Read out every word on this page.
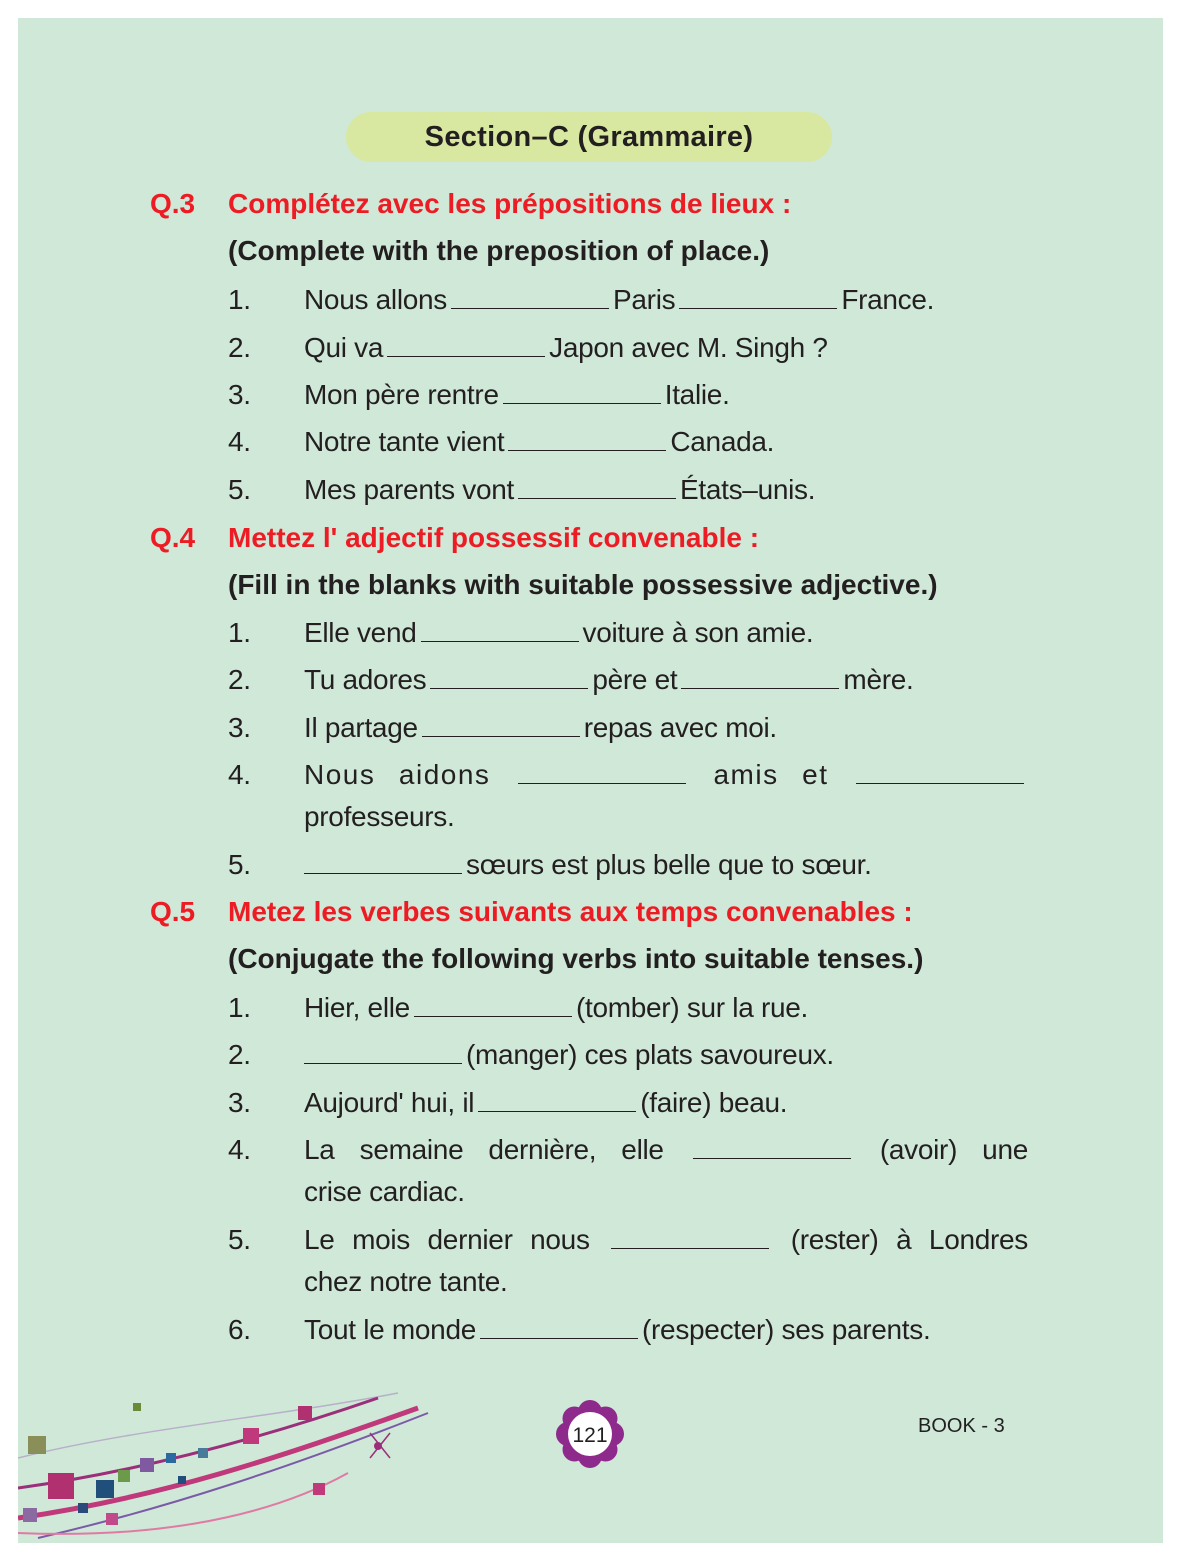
Section–C (Grammaire)
Q.3 Complétez avec les prépositions de lieux :
(Complete with the preposition of place.)
1.	Nous allons	Paris	France.
2.	Qui va	Japon avec M. Singh ?
3.	Mon père rentre	Italie.
4.	Notre tante vient	Canada.
5.	Mes parents vont	États–unis.
Q.4 Mettez l' adjectif possessif convenable :
(Fill in the blanks with suitable possessive adjective.)
1.	Elle vend	voiture à son amie.
2.	Tu adores	père et	mère.
3.	Il partage	repas avec moi.
4.	Nous aidons	amis et
professeurs.
5.	sœurs est plus belle que to sœur.
Q.5 Metez les verbes suivants aux temps convenables :
(Conjugate the following verbs into suitable tenses.)
1.	Hier, elle	(tomber) sur la rue.
2.	(manger) ces plats savoureux.
3.	Aujourd' hui, il	(faire) beau.
4.	La semaine dernière, elle	(avoir) une
crise cardiac.
5.	Le mois dernier nous	(rester) à Londres
chez notre tante.
6.	Tout le monde	(respecter) ses parents.
121	BOOK - 3
